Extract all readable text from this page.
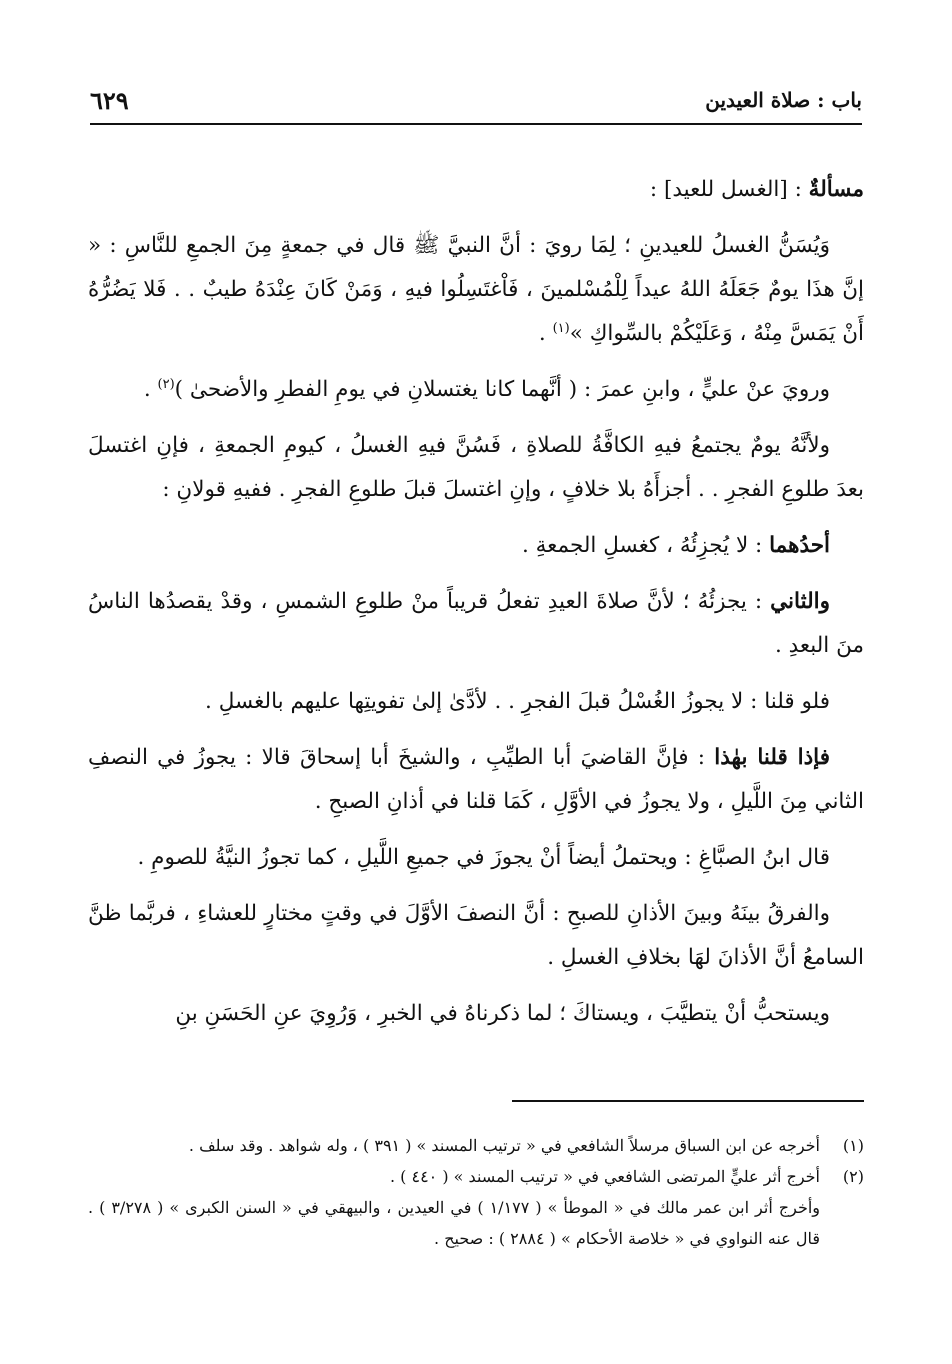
باب : صلاة العيدين
٦٢٩

مسألةٌ : [الغسل للعيد] :

وَيُسَنُّ الغسلُ للعيدينِ ؛ لِمَا رويَ : أنَّ النبيَّ ﷺ قال في جمعةٍ مِنَ الجمعِ للنَّاسِ : « إنَّ هذَا يومٌ جَعَلَهُ اللهُ عيداً لِلْمُسْلمينَ ، فَاْغتَسِلُوا فيهِ ، وَمَنْ كَانَ عِنْدَهُ طيبٌ . . فَلا يَضُرُّهُ أَنْ يَمَسَّ مِنْهُ ، وَعَلَيْكُمْ بالسِّواكِ »$^{(١)}$ .

ورويَ عنْ عليٍّ ، وابنِ عمرَ : ( أنَّهما كانا يغتسلانِ في يومِ الفطرِ والأضحىٰ )$^{(٢)}$ .

ولأنَّهُ يومٌ يجتمعُ فيهِ الكافَّةُ للصلاةِ ، فَسُنَّ فيهِ الغسلُ ، كيومِ الجمعةِ ، فإنِ اغتسلَ بعدَ طلوعِ الفجرِ . . أجزأَهُ بلا خلافٍ ، وإنِ اغتسلَ قبلَ طلوعِ الفجرِ . ففيهِ قولانِ :

أحدُهما : لا يُجزِئُهُ ، كغسلِ الجمعةِ .

والثاني : يجزئُهُ ؛ لأنَّ صلاةَ العيدِ تفعلُ قريباً منْ طلوعِ الشمسِ ، وقدْ يقصدُها الناسُ منَ البعدِ .

فلو قلنا : لا يجوزُ الغُسْلُ قبلَ الفجرِ . . لأدَّىٰ إلىٰ تفويتِها عليهم بالغسلِ .

فإذا قلنا بهٰذا : فإنَّ القاضيَ أبا الطيِّبِ ، والشيخَ أبا إسحاقَ قالا : يجوزُ في النصفِ الثاني مِنَ اللَّيلِ ، ولا يجوزُ في الأوَّلِ ، كَمَا قلنا في أذانِ الصبحِ .

قال ابنُ الصبَّاغِ : ويحتملُ أيضاً أنْ يجوزَ في جميعِ اللَّيلِ ، كما تجوزُ النيَّةُ للصومِ .

والفرقُ بينَهُ وبينَ الأذانِ للصبحِ : أنَّ النصفَ الأوَّلَ في وقتٍ مختارٍ للعشاءِ ، فربَّما ظنَّ السامعُ أنَّ الأذانَ لهَا بخلافِ الغسلِ .

ويستحبُّ أنْ يتطيَّبَ ، ويستاكَ ؛ لما ذكرناهُ في الخبرِ ، وَرُوِيَ عنِ الحَسَنِ بنِ

(١)
أخرجه عن ابن السباق مرسلاً الشافعي في « ترتيب المسند » ( ٣٩١ ) ، وله شواهد . وقد سلف .
(٢)
أخرج أثر عليٍّ المرتضى الشافعي في « ترتيب المسند » ( ٤٤٠ ) .
وأخرج أثر ابن عمر مالك في « الموطأ » ( ١/١٧٧ ) في العيدين ، والبيهقي في « السنن الكبرى » ( ٣/٢٧٨ ) . قال عنه النواوي في « خلاصة الأحكام » ( ٢٨٨٤ ) : صحيح .
